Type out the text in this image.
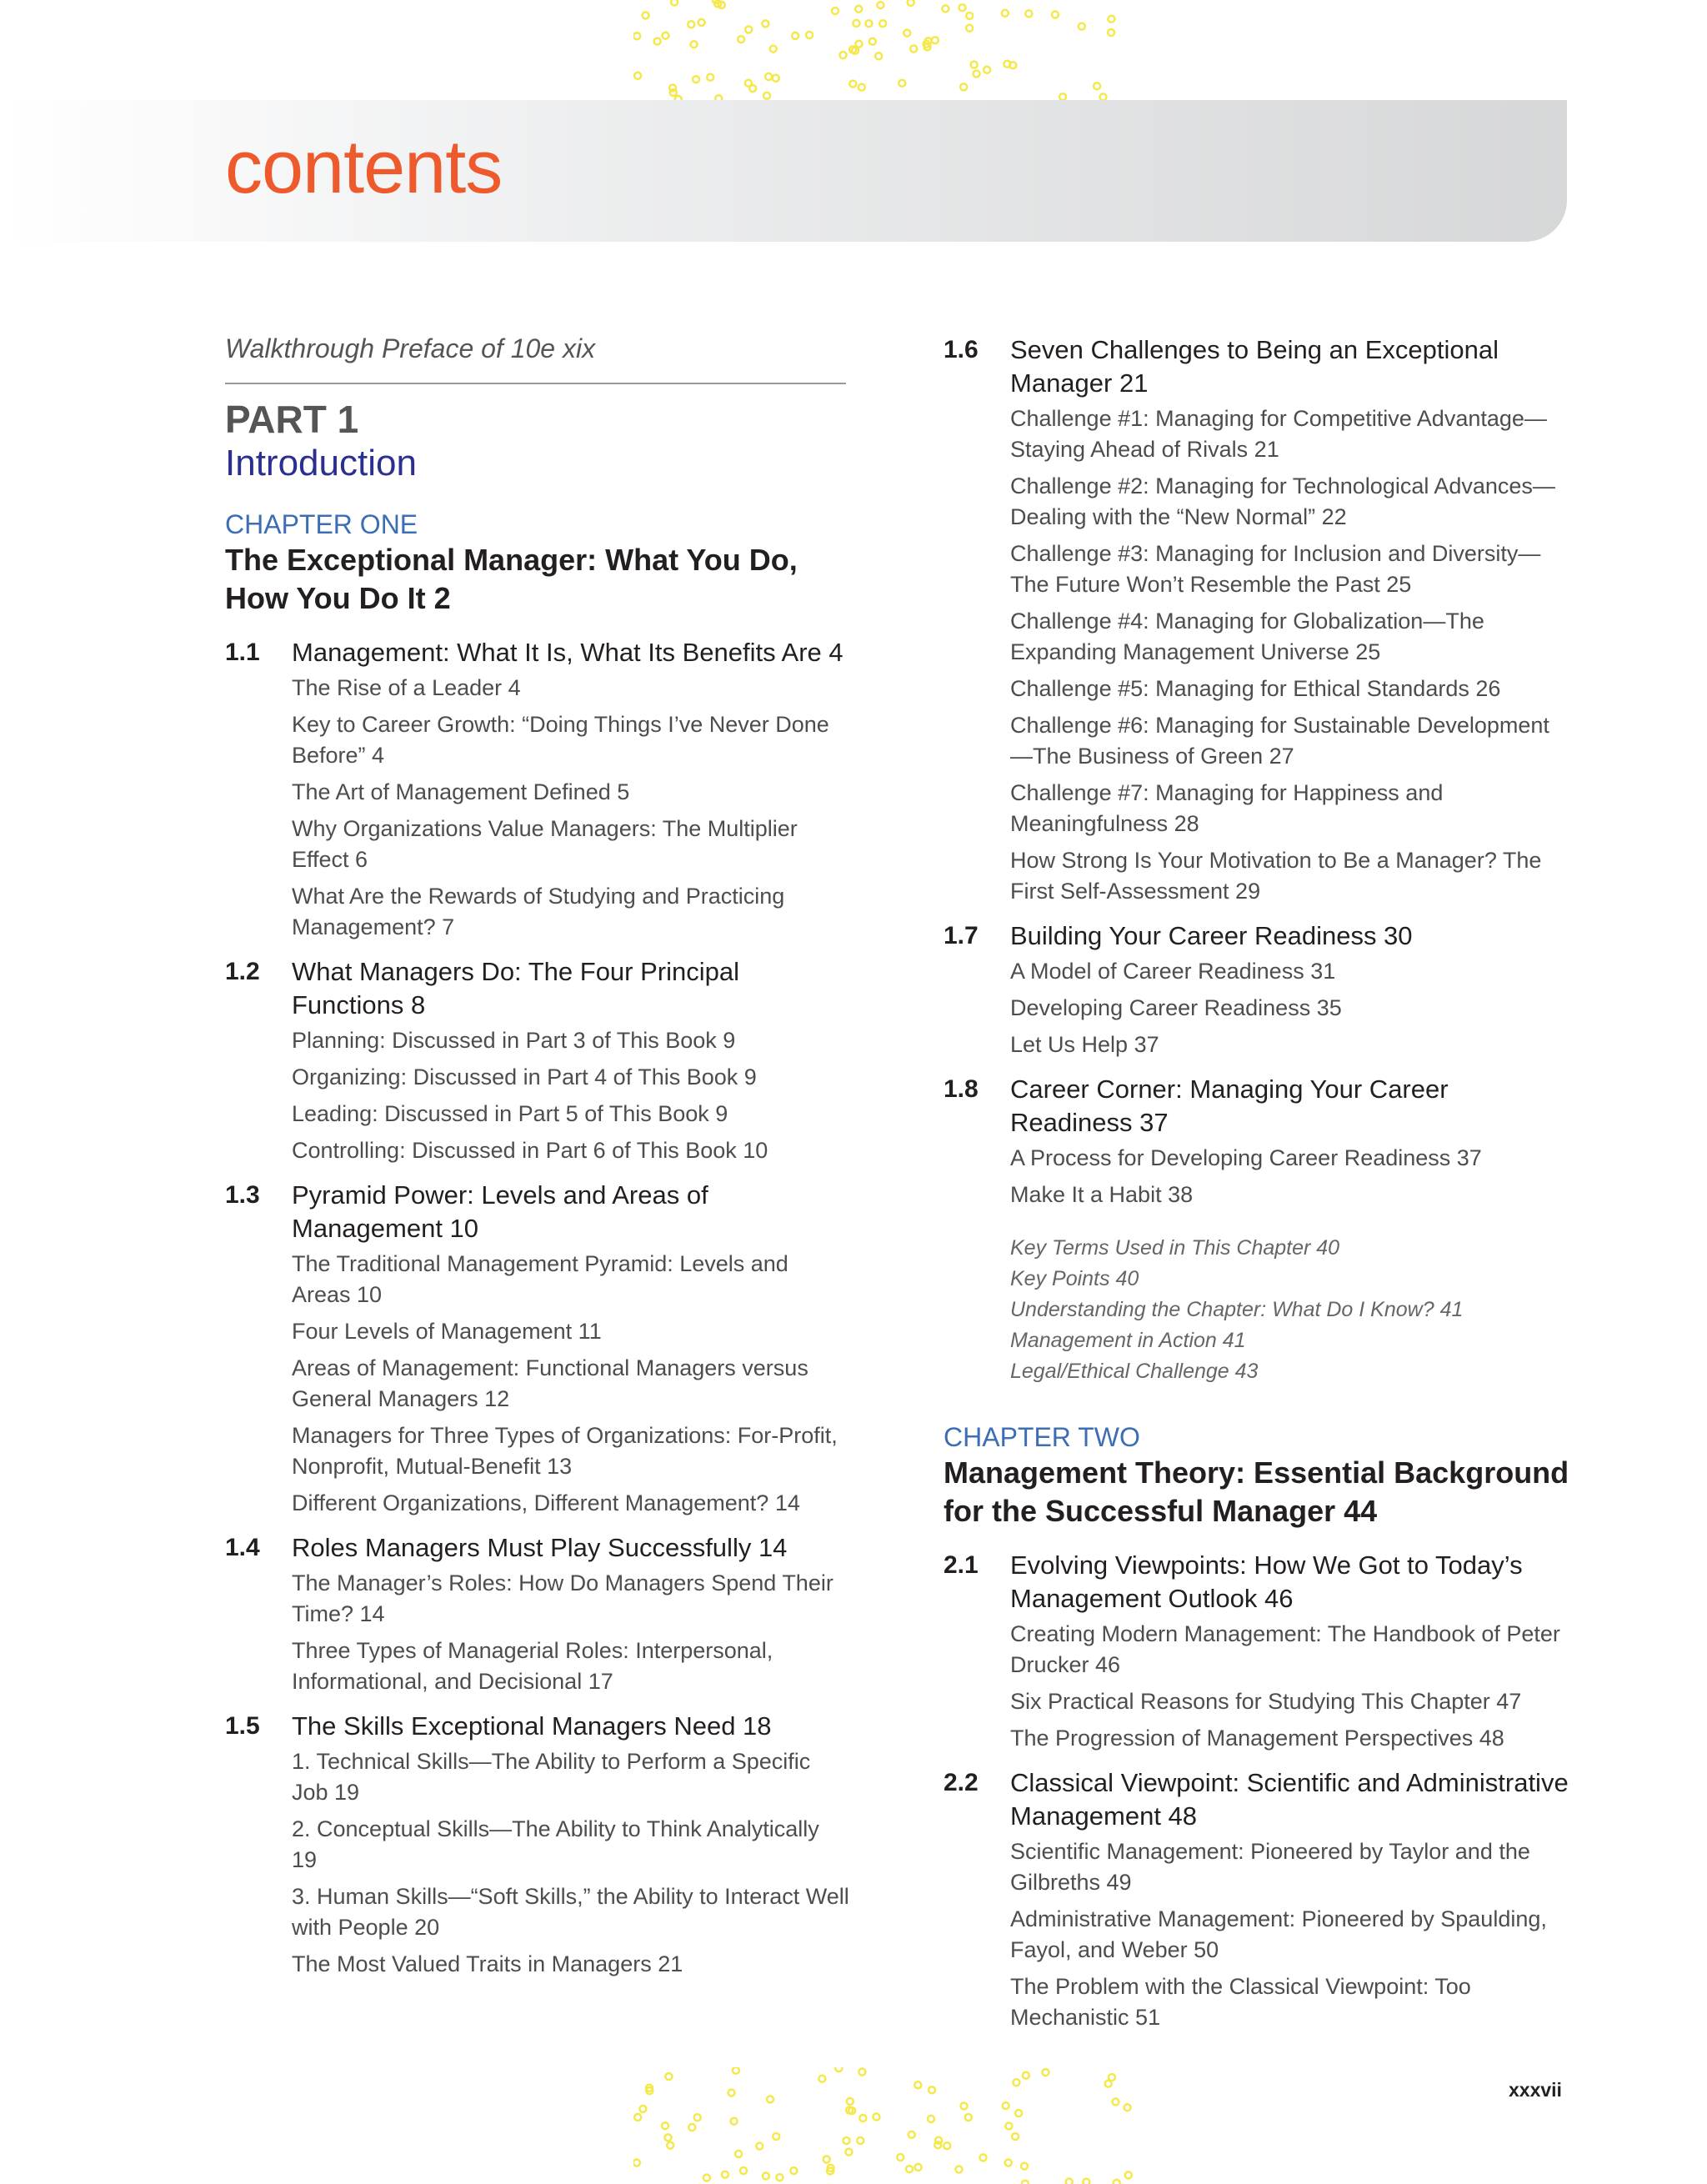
contents
Walkthrough Preface of 10e xix
PART 1
Introduction
CHAPTER ONE
The Exceptional Manager: What You Do, How You Do It 2
1.1	Management: What It Is, What Its Benefits Are 4
The Rise of a Leader 4
Key to Career Growth: “Doing Things I’ve Never Done Before” 4
The Art of Management Defined 5
Why Organizations Value Managers: The Multiplier Effect 6
What Are the Rewards of Studying and Practicing Management? 7
1.2	What Managers Do: The Four Principal Functions 8
Planning: Discussed in Part 3 of This Book 9
Organizing: Discussed in Part 4 of This Book 9
Leading: Discussed in Part 5 of This Book 9
Controlling: Discussed in Part 6 of This Book 10
1.3	Pyramid Power: Levels and Areas of Management 10
The Traditional Management Pyramid: Levels and Areas 10
Four Levels of Management 11
Areas of Management: Functional Managers versus General Managers 12
Managers for Three Types of Organizations: For-Profit, Nonprofit, Mutual-Benefit 13
Different Organizations, Different Management? 14
1.4	Roles Managers Must Play Successfully 14
The Manager’s Roles: How Do Managers Spend Their Time? 14
Three Types of Managerial Roles: Interpersonal, Informational, and Decisional 17
1.5	The Skills Exceptional Managers Need 18
1. Technical Skills—The Ability to Perform a Specific Job 19
2. Conceptual Skills—The Ability to Think Analytically 19
3. Human Skills—“Soft Skills,” the Ability to Interact Well with People 20
The Most Valued Traits in Managers 21
1.6	Seven Challenges to Being an Exceptional Manager 21
Challenge #1: Managing for Competitive Advantage—Staying Ahead of Rivals 21
Challenge #2: Managing for Technological Advances—Dealing with the “New Normal” 22
Challenge #3: Managing for Inclusion and Diversity—The Future Won’t Resemble the Past 25
Challenge #4: Managing for Globalization—The Expanding Management Universe 25
Challenge #5: Managing for Ethical Standards 26
Challenge #6: Managing for Sustainable Development —The Business of Green 27
Challenge #7: Managing for Happiness and Meaningfulness 28
How Strong Is Your Motivation to Be a Manager? The First Self-Assessment 29
1.7	Building Your Career Readiness 30
A Model of Career Readiness 31
Developing Career Readiness 35
Let Us Help 37
1.8	Career Corner: Managing Your Career Readiness 37
A Process for Developing Career Readiness 37
Make It a Habit 38
Key Terms Used in This Chapter 40
Key Points 40
Understanding the Chapter: What Do I Know? 41
Management in Action 41
Legal/Ethical Challenge 43
CHAPTER TWO
Management Theory: Essential Background for the Successful Manager 44
2.1	Evolving Viewpoints: How We Got to Today’s Management Outlook 46
Creating Modern Management: The Handbook of Peter Drucker 46
Six Practical Reasons for Studying This Chapter 47
The Progression of Management Perspectives 48
2.2	Classical Viewpoint: Scientific and Administrative Management 48
Scientific Management: Pioneered by Taylor and the Gilbreths 49
Administrative Management: Pioneered by Spaulding, Fayol, and Weber 50
The Problem with the Classical Viewpoint: Too Mechanistic 51
xxxvii
